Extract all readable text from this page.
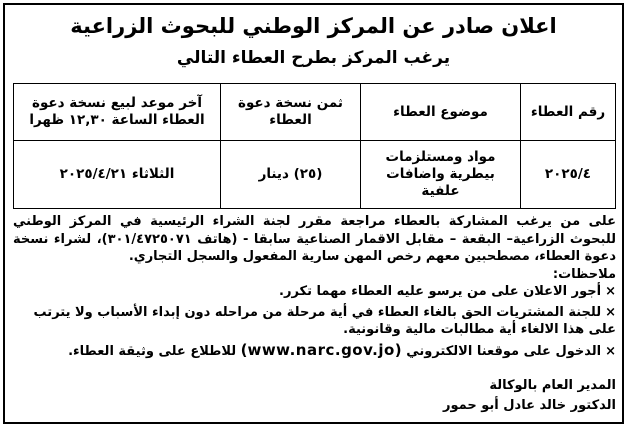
اعلان صادر عن المركز الوطني للبحوث الزراعية
يرغب المركز بطرح العطاء التالي
رقم العطاء	موضوع العطاء	ثمن نسخة دعوة العطاء	آخر موعد لبيع نسخة دعوة العطاء الساعة ١٢,٣٠ ظهرا
٢٠٢٥/٤	مواد ومستلزمات بيطرية واضافات علفية	(٢٥) دينار	الثلاثاء ٢٠٢٥/٤/٢١
على من يرغب المشاركة بالعطاء مراجعة مقرر لجنة الشراء الرئيسية في المركز الوطني للبحوث الزراعية– البقعة – مقابل الاقمار الصناعية سابقا - (هاتف ٣٠١/٤٧٢٥٠٧١)، لشراء نسخة دعوة العطاء، مصطحبين معهم رخص المهن سارية المفعول والسجل التجاري.
ملاحظات:
×أجور الاعلان على من يرسو عليه العطاء مهما تكرر.
×للجنة المشتريات الحق بالغاء العطاء في أية مرحلة من مراحله دون إبداء الأسباب ولا يترتب على هذا الالغاء أية مطالبات مالية وقانونية.
×الدخول على موقعنا الالكتروني (www.narc.gov.jo) للاطلاع على وثيقة العطاء.
المدير العام بالوكالة
الدكتور خالد عادل أبو حمور
